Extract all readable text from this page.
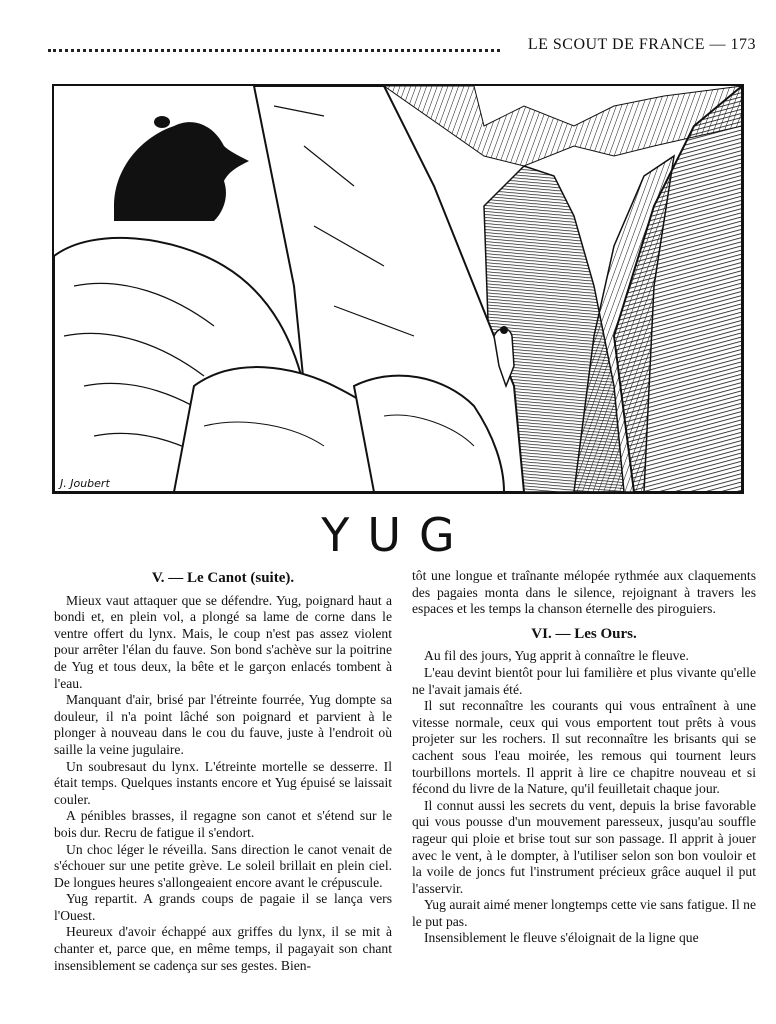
LE SCOUT DE FRANCE — 173
J. Joubert
YUG
V. — Le Canot (suite).

Mieux vaut attaquer que se défendre. Yug, poignard haut a bondi et, en plein vol, a plongé sa lame de corne dans le ventre offert du lynx. Mais, le coup n'est pas assez violent pour arrêter l'élan du fauve. Son bond s'achève sur la poitrine de Yug et tous deux, la bête et le garçon enlacés tombent à l'eau.

Manquant d'air, brisé par l'étreinte fourrée, Yug dompte sa douleur, il n'a point lâché son poignard et parvient à le plonger à nouveau dans le cou du fauve, juste à l'endroit où saille la veine jugulaire.

Un soubresaut du lynx. L'étreinte mortelle se desserre. Il était temps. Quelques instants encore et Yug épuisé se laissait couler.

A pénibles brasses, il regagne son canot et s'étend sur le bois dur. Recru de fatigue il s'endort.

Un choc léger le réveilla. Sans direction le canot venait de s'échouer sur une petite grève. Le soleil brillait en plein ciel. De longues heures s'allongeaient encore avant le crépuscule.

Yug repartit. A grands coups de pagaie il se lança vers l'Ouest.

Heureux d'avoir échappé aux griffes du lynx, il se mit à chanter et, parce que, en même temps, il pagayait son chant insensiblement se cadença sur ses gestes. Bien-

tôt une longue et traînante mélopée rythmée aux claquements des pagaies monta dans le silence, rejoignant à travers les espaces et les temps la chanson éternelle des piroguiers.

VI. — Les Ours.

Au fil des jours, Yug apprit à connaître le fleuve.

L'eau devint bientôt pour lui familière et plus vivante qu'elle ne l'avait jamais été.

Il sut reconnaître les courants qui vous entraînent à une vitesse normale, ceux qui vous emportent tout prêts à vous projeter sur les rochers. Il sut reconnaître les brisants qui se cachent sous l'eau moirée, les remous qui tournent leurs tourbillons mortels. Il apprit à lire ce chapitre nouveau et si fécond du livre de la Nature, qu'il feuilletait chaque jour.

Il connut aussi les secrets du vent, depuis la brise favorable qui vous pousse d'un mouvement paresseux, jusqu'au souffle rageur qui ploie et brise tout sur son passage. Il apprit à jouer avec le vent, à le dompter, à l'utiliser selon son bon vouloir et la voile de joncs fut l'instrument précieux grâce auquel il put l'asservir.

Yug aurait aimé mener longtemps cette vie sans fatigue. Il ne le put pas.

Insensiblement le fleuve s'éloignait de la ligne que
